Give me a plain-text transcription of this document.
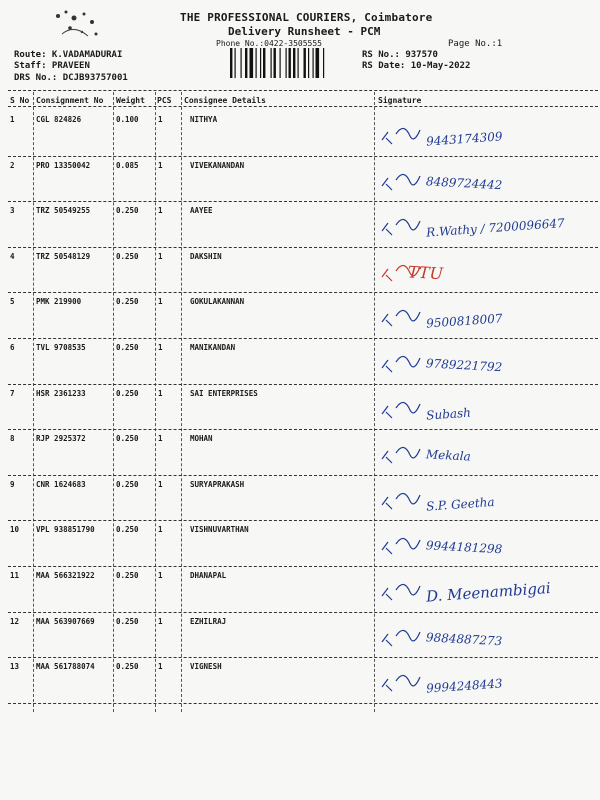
THE PROFESSIONAL COURIERS, Coimbatore
Delivery Runsheet - PCM
Phone No.:0422-3505555	Page No.:1
Route: K.VADAMADURAI
Staff: PRAVEEN
DRS No.: DCJB93757001
RS No.: 937570
RS Date: 10-May-2022
S No Consignment No Weight PCS Consignee Details	Signature
1	CGL 824826	0.100	1	NITHYA
9443174309
2	PRO 13350042	0.085	1	VIVEKANANDAN
8489724442
3	TRZ 50549255	0.250	1	AAYEE
R.Wathy / 7200096647
4	TRZ 50548129	0.250	1	DAKSHIN
TTU
5	PMK 219900	0.250	1	GOKULAKANNAN
9500818007
6	TVL 9708535	0.250	1	MANIKANDAN
9789221792
7	HSR 2361233	0.250	1	SAI ENTERPRISES
Subash
8	RJP 2925372	0.250	1	MOHAN
Mekala
9	CNR 1624683	0.250	1	SURYAPRAKASH
S.P. Geetha
10 VPL 938851790	0.250	1	VISHNUVARTHAN
9944181298
11 MAA 566321922	0.250	1	DHANAPAL
D. Meenambigai
12 MAA 563907669	0.250	1	EZHILRAJ
9884887273
13 MAA 561788074	0.250	1	VIGNESH
9994248443
